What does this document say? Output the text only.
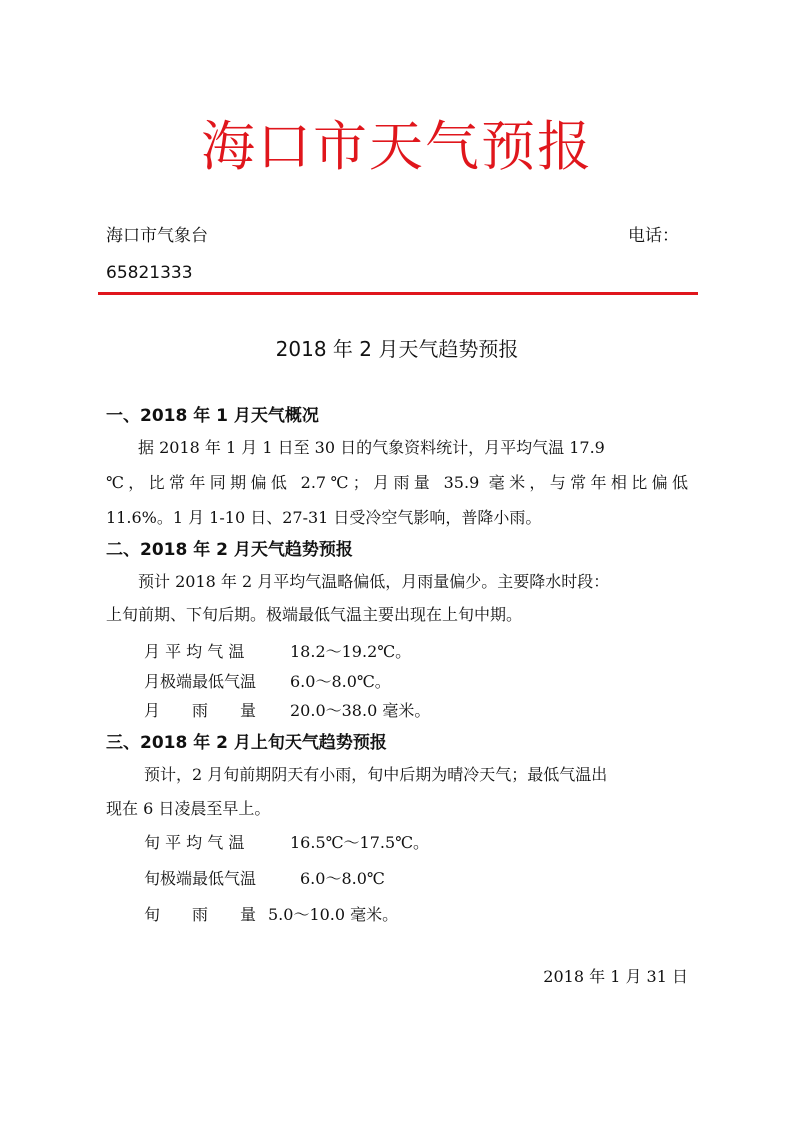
海口市天气预报
海口市气象台	电话：
65821333
2018 年 2 月天气趋势预报
一、2018 年 1 月天气概况
据 2018 年 1 月 1 日至 30 日的气象资料统计，月平均气温 17.9
℃，比常年同期偏低 2.7℃；月雨量 35.9 毫米，与常年相比偏低
11.6%。1 月 1-10 日、27-31 日受冷空气影响，普降小雨。
二、2018 年 2 月天气趋势预报
预计 2018 年 2 月平均气温略偏低，月雨量偏少。主要降水时段：
上旬前期、下旬后期。极端最低气温主要出现在上旬中期。
月 平 均 气 温	18.2～19.2℃。
月极端最低气温 6.0～8.0℃。
月　　雨　　量 20.0～38.0 毫米。
三、2018 年 2 月上旬天气趋势预报
预计，2 月旬前期阴天有小雨，旬中后期为晴冷天气；最低气温出
现在 6 日凌晨至早上。
旬 平 均 气 温	16.5℃～17.5℃。
旬极端最低气温	6.0～8.0℃
旬　　雨　　量 5.0～10.0 毫米。
2018 年 1 月 31 日
